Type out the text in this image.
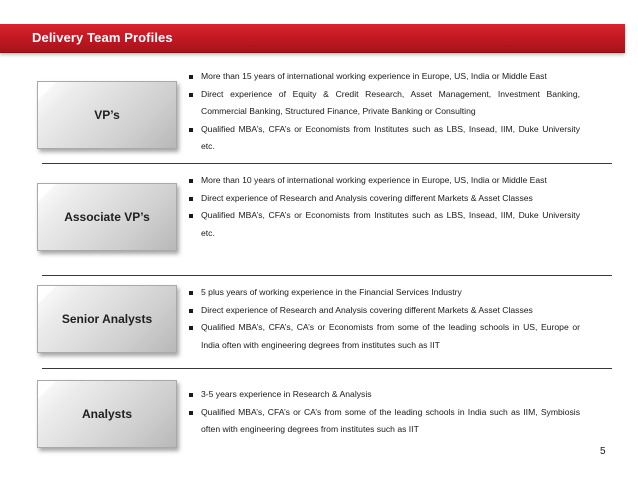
Delivery Team Profiles
VP’s
More than 15 years of international working experience in Europe, US, India or Middle East
Direct experience of Equity & Credit Research, Asset Management, Investment Banking, Commercial Banking, Structured Finance, Private Banking or Consulting
Qualified MBA’s, CFA’s or Economists from Institutes such as LBS, Insead, IIM, Duke University etc.
Associate VP’s
More than 10 years of international working experience in Europe, US, India or Middle East
Direct experience of Research and Analysis covering different Markets & Asset Classes
Qualified MBA’s, CFA’s or Economists from Institutes such as LBS, Insead, IIM, Duke University etc.
Senior Analysts
5 plus years of working experience in the Financial Services Industry
Direct experience of Research and Analysis covering different Markets & Asset Classes
Qualified MBA’s, CFA’s, CA’s or Economists from some of the leading schools in US, Europe or India often with engineering degrees from institutes such as IIT
Analysts
3-5 years experience in Research & Analysis
Qualified MBA’s, CFA’s or CA’s from some of the leading schools in India such as IIM, Symbiosis often with engineering degrees from institutes such as IIT
5
